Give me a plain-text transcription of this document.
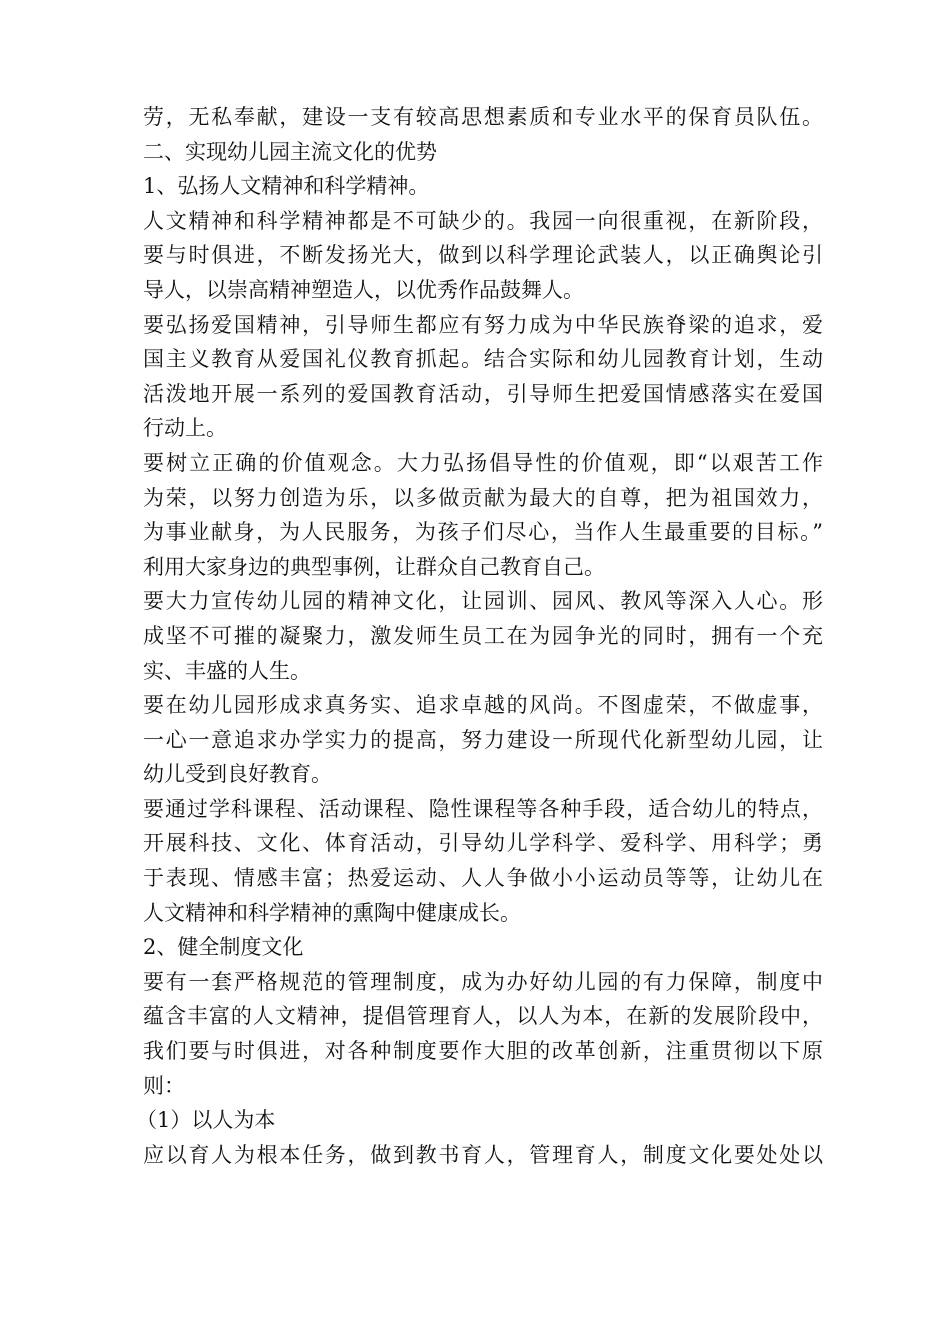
劳，无私奉献，建设一支有较高思想素质和专业水平的保育员队伍。
二、实现幼儿园主流文化的优势
1、弘扬人文精神和科学精神。
人文精神和科学精神都是不可缺少的。我园一向很重视，在新阶段，
要与时俱进，不断发扬光大，做到以科学理论武装人，以正确舆论引
导人，以崇高精神塑造人，以优秀作品鼓舞人。
要弘扬爱国精神，引导师生都应有努力成为中华民族脊梁的追求，爱
国主义教育从爱国礼仪教育抓起。结合实际和幼儿园教育计划，生动
活泼地开展一系列的爱国教育活动，引导师生把爱国情感落实在爱国
行动上。
要树立正确的价值观念。大力弘扬倡导性的价值观，即“以艰苦工作
为荣，以努力创造为乐，以多做贡献为最大的自尊，把为祖国效力，
为事业献身，为人民服务，为孩子们尽心，当作人生最重要的目标。”
利用大家身边的典型事例，让群众自己教育自己。
要大力宣传幼儿园的精神文化，让园训、园风、教风等深入人心。形
成坚不可摧的凝聚力，激发师生员工在为园争光的同时，拥有一个充
实、丰盛的人生。
要在幼儿园形成求真务实、追求卓越的风尚。不图虚荣，不做虚事，
一心一意追求办学实力的提高，努力建设一所现代化新型幼儿园，让
幼儿受到良好教育。
要通过学科课程、活动课程、隐性课程等各种手段，适合幼儿的特点，
开展科技、文化、体育活动，引导幼儿学科学、爱科学、用科学；勇
于表现、情感丰富；热爱运动、人人争做小小运动员等等，让幼儿在
人文精神和科学精神的熏陶中健康成长。
2、健全制度文化
要有一套严格规范的管理制度，成为办好幼儿园的有力保障，制度中
蕴含丰富的人文精神，提倡管理育人，以人为本，在新的发展阶段中，
我们要与时俱进，对各种制度要作大胆的改革创新，注重贯彻以下原
则：
（1）以人为本
应以育人为根本任务，做到教书育人，管理育人，制度文化要处处以
